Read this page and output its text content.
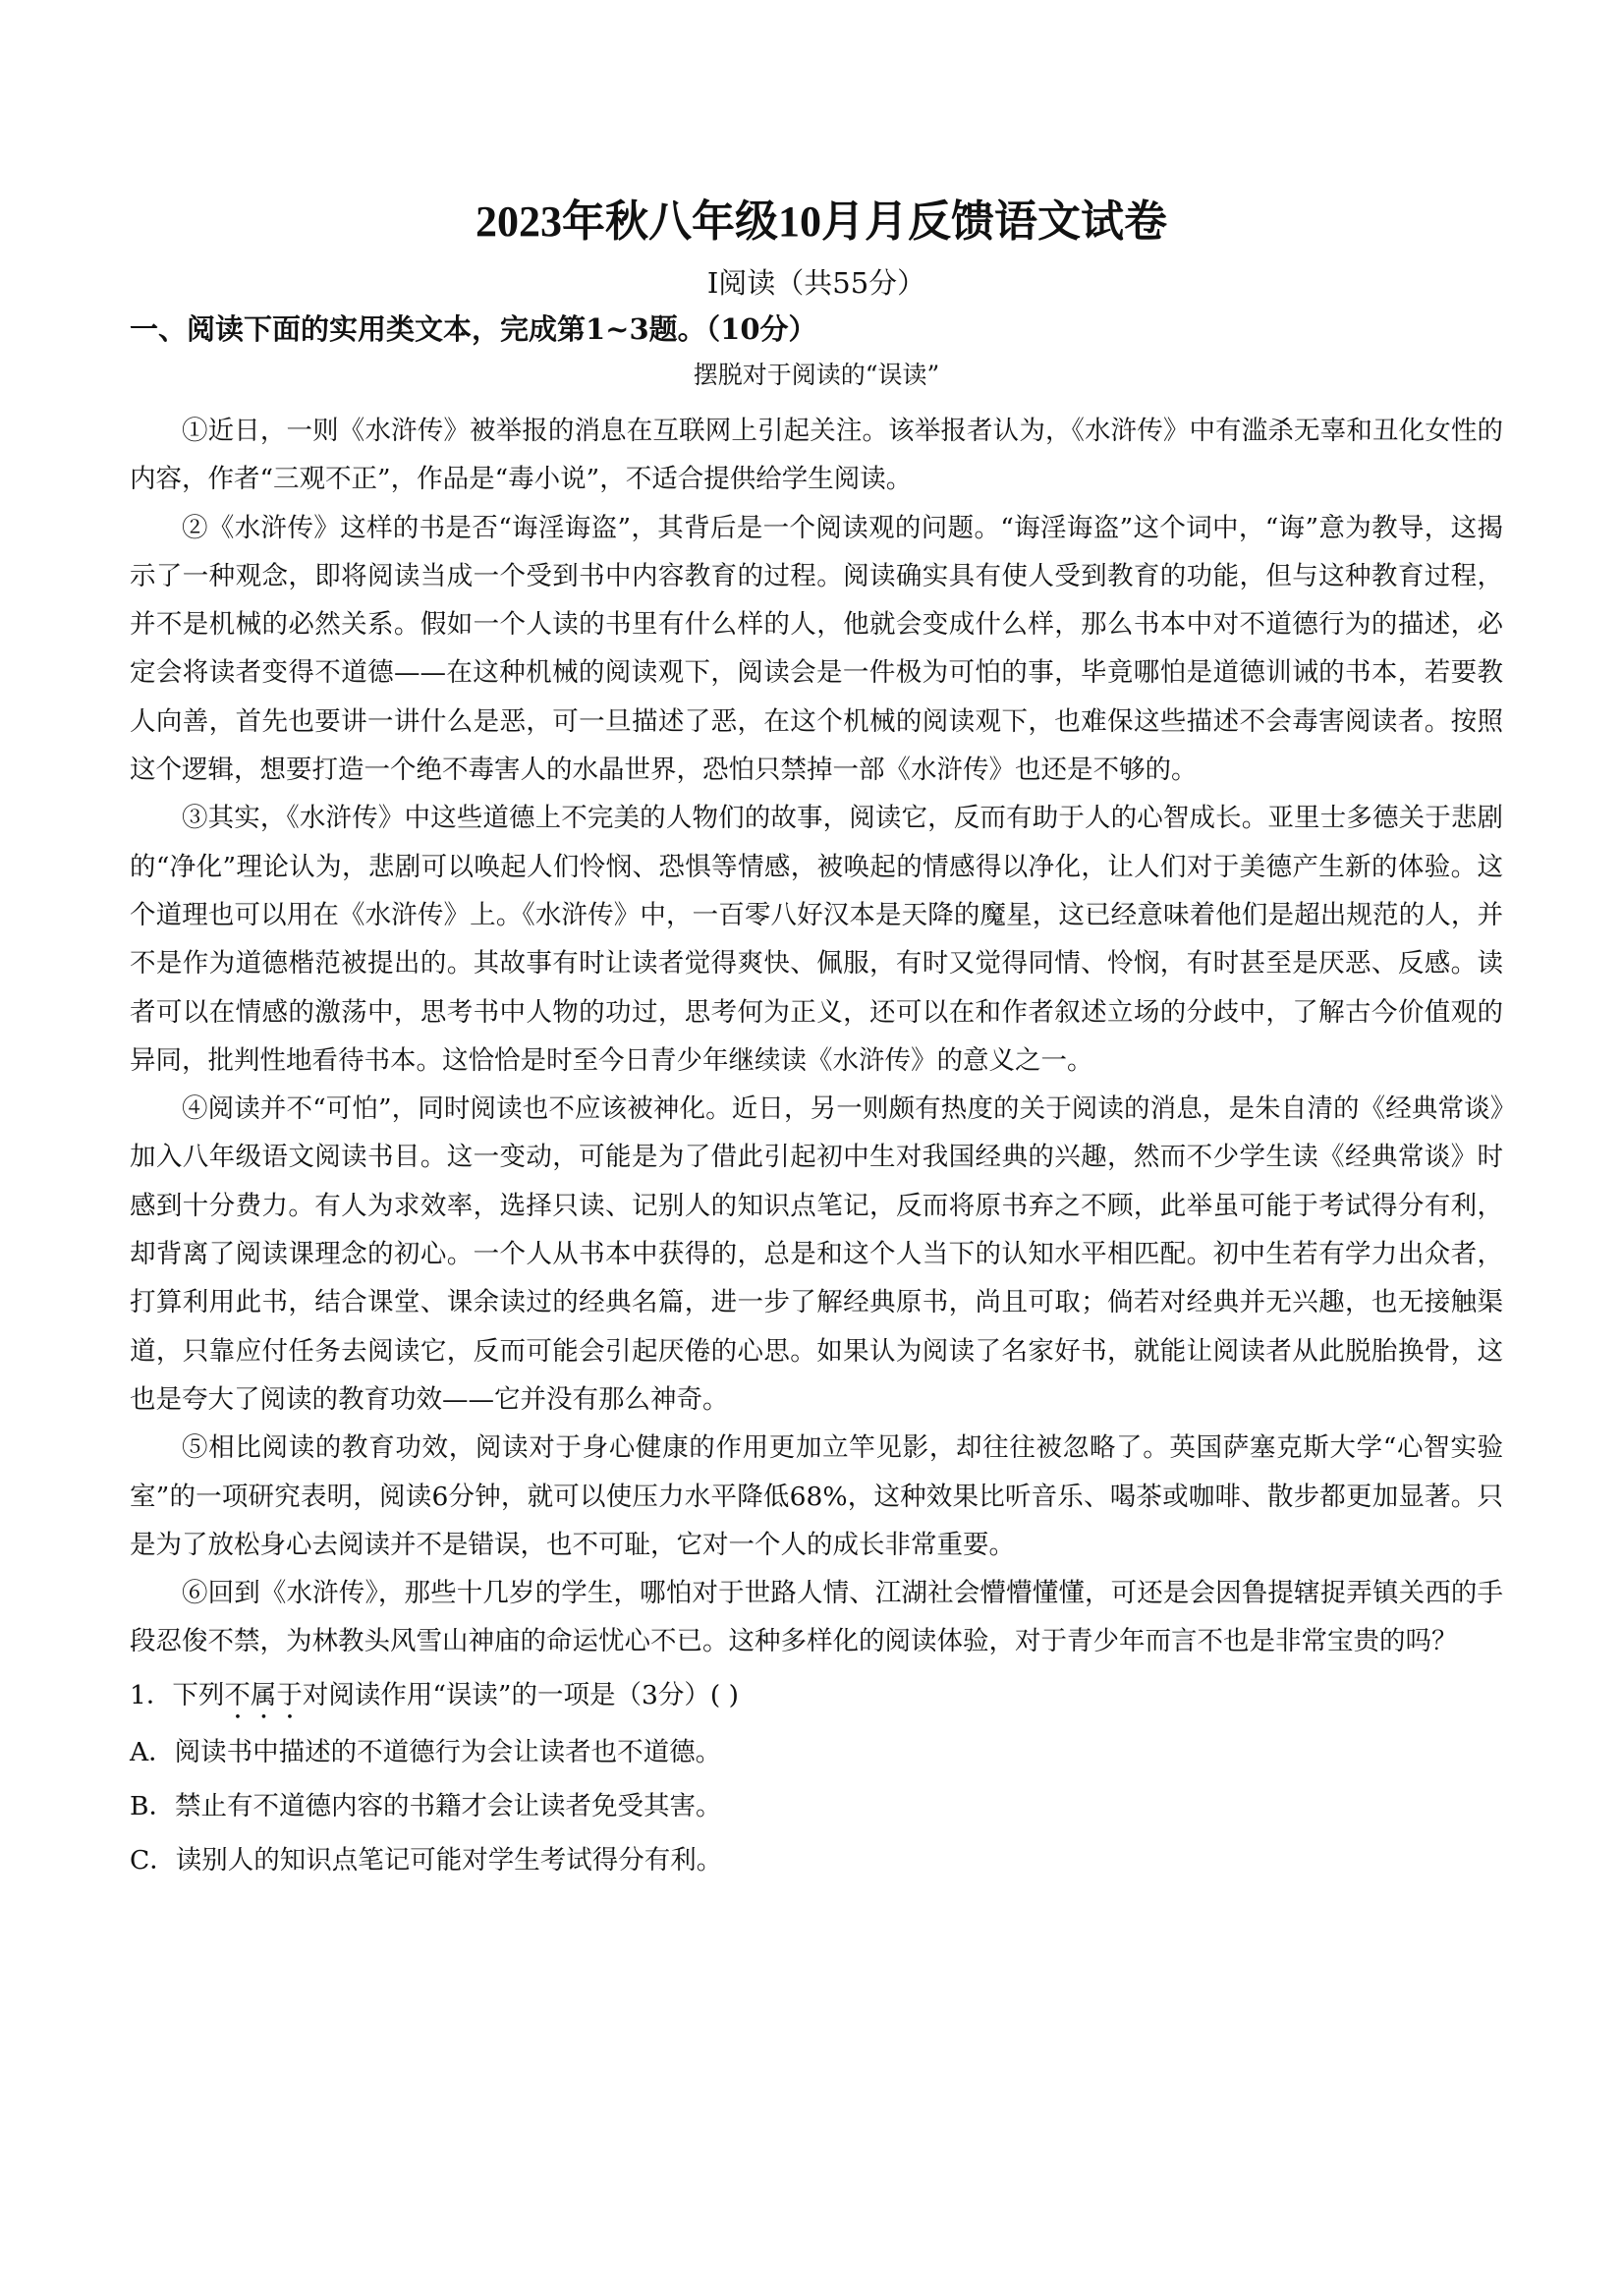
2023年秋八年级10月月反馈语文试卷
Ⅰ阅读（共55分）
一、阅读下面的实用类文本，完成第1~3题。（10分）
摆脱对于阅读的“误读”

①近日，一则《水浒传》被举报的消息在互联网上引起关注。该举报者认为，《水浒传》中有滥杀无辜和丑化女性的内容，作者“三观不正”，作品是“毒小说”，不适合提供给学生阅读。

②《水浒传》这样的书是否“诲淫诲盗”，其背后是一个阅读观的问题。“诲淫诲盗”这个词中，“诲”意为教导，这揭示了一种观念，即将阅读当成一个受到书中内容教育的过程。阅读确实具有使人受到教育的功能，但与这种教育过程，并不是机械的必然关系。假如一个人读的书里有什么样的人，他就会变成什么样，那么书本中对不道德行为的描述，必定会将读者变得不道德——在这种机械的阅读观下，阅读会是一件极为可怕的事，毕竟哪怕是道德训诫的书本，若要教人向善，首先也要讲一讲什么是恶，可一旦描述了恶，在这个机械的阅读观下，也难保这些描述不会毒害阅读者。按照这个逻辑，想要打造一个绝不毒害人的水晶世界，恐怕只禁掉一部《水浒传》也还是不够的。

③其实，《水浒传》中这些道德上不完美的人物们的故事，阅读它，反而有助于人的心智成长。亚里士多德关于悲剧的“净化”理论认为，悲剧可以唤起人们怜悯、恐惧等情感，被唤起的情感得以净化，让人们对于美德产生新的体验。这个道理也可以用在《水浒传》上。《水浒传》中，一百零八好汉本是天降的魔星，这已经意味着他们是超出规范的人，并不是作为道德楷范被提出的。其故事有时让读者觉得爽快、佩服，有时又觉得同情、怜悯，有时甚至是厌恶、反感。读者可以在情感的激荡中，思考书中人物的功过，思考何为正义，还可以在和作者叙述立场的分歧中，了解古今价值观的异同，批判性地看待书本。这恰恰是时至今日青少年继续读《水浒传》的意义之一。

④阅读并不“可怕”，同时阅读也不应该被神化。近日，另一则颇有热度的关于阅读的消息，是朱自清的《经典常谈》加入八年级语文阅读书目。这一变动，可能是为了借此引起初中生对我国经典的兴趣，然而不少学生读《经典常谈》时感到十分费力。有人为求效率，选择只读、记别人的知识点笔记，反而将原书弃之不顾，此举虽可能于考试得分有利，却背离了阅读课理念的初心。一个人从书本中获得的，总是和这个人当下的认知水平相匹配。初中生若有学力出众者，打算利用此书，结合课堂、课余读过的经典名篇，进一步了解经典原书，尚且可取；倘若对经典并无兴趣，也无接触渠道，只靠应付任务去阅读它，反而可能会引起厌倦的心思。如果认为阅读了名家好书，就能让阅读者从此脱胎换骨，这也是夸大了阅读的教育功效——它并没有那么神奇。

⑤相比阅读的教育功效，阅读对于身心健康的作用更加立竿见影，却往往被忽略了。英国萨塞克斯大学“心智实验室”的一项研究表明，阅读6分钟，就可以使压力水平降低68%，这种效果比听音乐、喝茶或咖啡、散步都更加显著。只是为了放松身心去阅读并不是错误，也不可耻，它对一个人的成长非常重要。

⑥回到《水浒传》，那些十几岁的学生，哪怕对于世路人情、江湖社会懵懵懂懂，可还是会因鲁提辖捉弄镇关西的手段忍俊不禁，为林教头风雪山神庙的命运忧心不已。这种多样化的阅读体验，对于青少年而言不也是非常宝贵的吗？

1．下列不属于对阅读作用“误读”的一项是（3分）( )
A．阅读书中描述的不道德行为会让读者也不道德。
B．禁止有不道德内容的书籍才会让读者免受其害。
C．读别人的知识点笔记可能对学生考试得分有利。
